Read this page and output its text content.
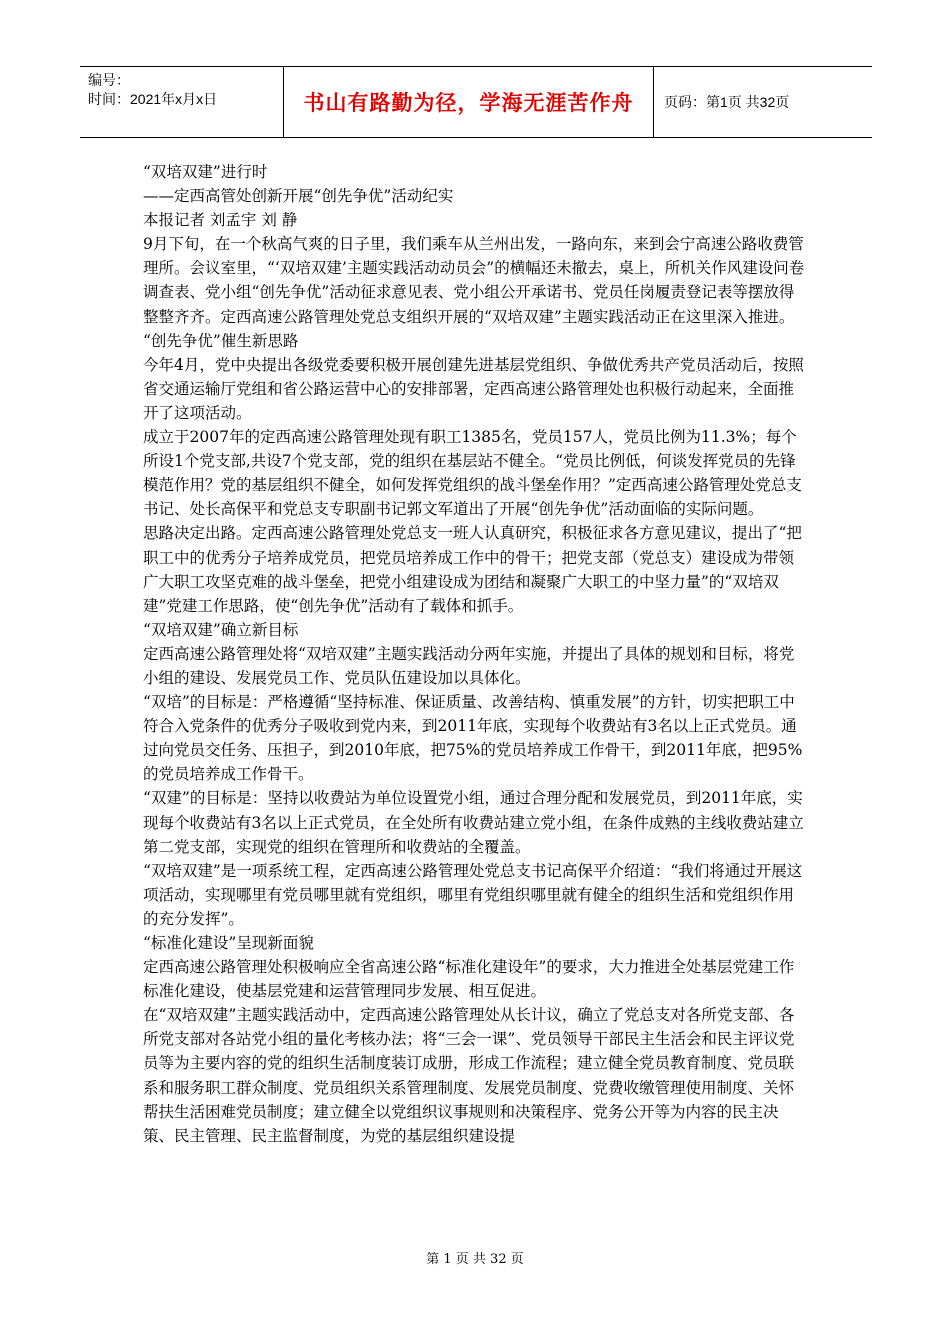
编号：
时间：2021年x月x日	书山有路勤为径，学海无涯苦作舟 页码：第1页 共32页

“双培双建”进行时

——定西高管处创新开展“创先争优”活动纪实

本报记者 刘孟宇 刘 静

9月下旬，在一个秋高气爽的日子里，我们乘车从兰州出发，一路向东，来到会宁高速公路收费管理所。会议室里，“‘双培双建’主题实践活动动员会”的横幅还未撤去，桌上，所机关作风建设问卷调查表、党小组“创先争优”活动征求意见表、党小组公开承诺书、党员任岗履责登记表等摆放得整整齐齐。定西高速公路管理处党总支组织开展的“双培双建”主题实践活动正在这里深入推进。

“创先争优”催生新思路

今年4月，党中央提出各级党委要积极开展创建先进基层党组织、争做优秀共产党员活动后，按照省交通运输厅党组和省公路运营中心的安排部署，定西高速公路管理处也积极行动起来，全面推开了这项活动。

成立于2007年的定西高速公路管理处现有职工1385名，党员157人，党员比例为11.3%；每个所设1个党支部,共设7个党支部，党的组织在基层站不健全。“党员比例低，何谈发挥党员的先锋模范作用？党的基层组织不健全，如何发挥党组织的战斗堡垒作用？”定西高速公路管理处党总支书记、处长高保平和党总支专职副书记郭文军道出了开展“创先争优”活动面临的实际问题。

思路决定出路。定西高速公路管理处党总支一班人认真研究，积极征求各方意见建议，提出了“把职工中的优秀分子培养成党员，把党员培养成工作中的骨干；把党支部（党总支）建设成为带领广大职工攻坚克难的战斗堡垒，把党小组建设成为团结和凝聚广大职工的中坚力量”的“双培双建”党建工作思路，使“创先争优”活动有了载体和抓手。

“双培双建”确立新目标

定西高速公路管理处将“双培双建”主题实践活动分两年实施，并提出了具体的规划和目标，将党小组的建设、发展党员工作、党员队伍建设加以具体化。

“双培”的目标是：严格遵循“坚持标准、保证质量、改善结构、慎重发展”的方针，切实把职工中符合入党条件的优秀分子吸收到党内来，到2011年底，实现每个收费站有3名以上正式党员。通过向党员交任务、压担子，到2010年底，把75%的党员培养成工作骨干，到2011年底，把95%的党员培养成工作骨干。

“双建”的目标是：坚持以收费站为单位设置党小组，通过合理分配和发展党员，到2011年底，实现每个收费站有3名以上正式党员，在全处所有收费站建立党小组，在条件成熟的主线收费站建立第二党支部，实现党的组织在管理所和收费站的全覆盖。

“双培双建”是一项系统工程，定西高速公路管理处党总支书记高保平介绍道：“我们将通过开展这项活动，实现哪里有党员哪里就有党组织，哪里有党组织哪里就有健全的组织生活和党组织作用的充分发挥”。

“标准化建设”呈现新面貌

定西高速公路管理处积极响应全省高速公路“标准化建设年”的要求，大力推进全处基层党建工作标准化建设，使基层党建和运营管理同步发展、相互促进。

在“双培双建”主题实践活动中，定西高速公路管理处从长计议，确立了党总支对各所党支部、各所党支部对各站党小组的量化考核办法；将“三会一课”、党员领导干部民主生活会和民主评议党员等为主要内容的党的组织生活制度装订成册，形成工作流程；建立健全党员教育制度、党员联系和服务职工群众制度、党员组织关系管理制度、发展党员制度、党费收缴管理使用制度、关怀帮扶生活困难党员制度；建立健全以党组织议事规则和决策程序、党务公开等为内容的民主决策、民主管理、民主监督制度，为党的基层组织建设提

第 1 页 共 32 页
